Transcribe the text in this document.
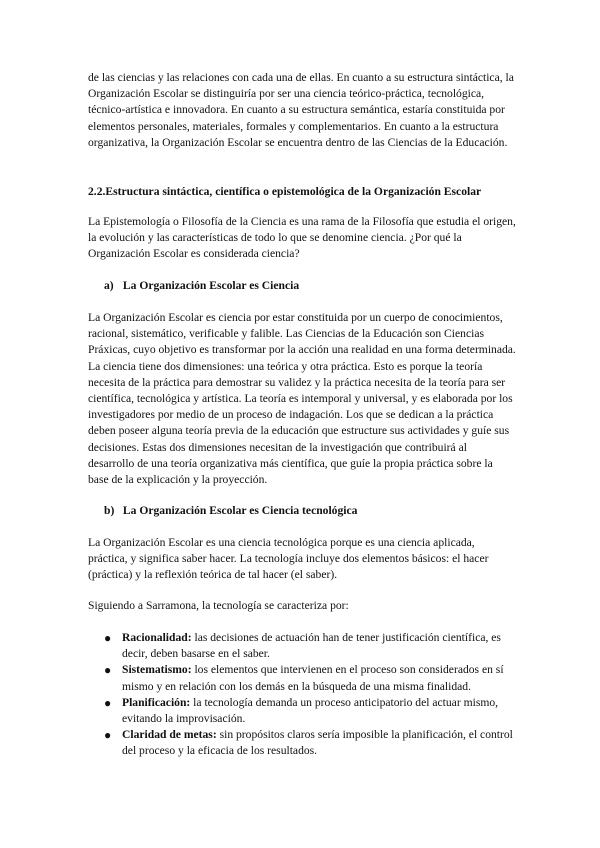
de las ciencias y las relaciones con cada una de ellas. En cuanto a su estructura sintáctica, la Organización Escolar se distinguiría por ser una ciencia teórico-práctica, tecnológica, técnico-artística e innovadora. En cuanto a su estructura semántica, estaría constituida por elementos personales, materiales, formales y complementarios. En cuanto a la estructura organizativa, la Organización Escolar se encuentra dentro de las Ciencias de la Educación.

2.2.Estructura sintáctica, científica o epistemológica de la Organización Escolar

La Epistemología o Filosofía de la Ciencia es una rama de la Filosofía que estudia el origen, la evolución y las características de todo lo que se denomine ciencia. ¿Por qué la Organización Escolar es considerada ciencia?

a) La Organización Escolar es Ciencia

La Organización Escolar es ciencia por estar constituida por un cuerpo de conocimientos, racional, sistemático, verificable y falible. Las Ciencias de la Educación son Ciencias Práxicas, cuyo objetivo es transformar por la acción una realidad en una forma determinada. La ciencia tiene dos dimensiones: una teórica y otra práctica. Esto es porque la teoría necesita de la práctica para demostrar su validez y la práctica necesita de la teoría para ser científica, tecnológica y artística. La teoría es intemporal y universal, y es elaborada por los investigadores por medio de un proceso de indagación. Los que se dedican a la práctica deben poseer alguna teoría previa de la educación que estructure sus actividades y guíe sus decisiones. Estas dos dimensiones necesitan de la investigación que contribuirá al desarrollo de una teoría organizativa más científica, que guíe la propia práctica sobre la base de la explicación y la proyección.

b) La Organización Escolar es Ciencia tecnológica

La Organización Escolar es una ciencia tecnológica porque es una ciencia aplicada, práctica, y significa saber hacer. La tecnología incluye dos elementos básicos: el hacer (práctica) y la reflexión teórica de tal hacer (el saber).

Siguiendo a Sarramona, la tecnología se caracteriza por:

● Racionalidad: las decisiones de actuación han de tener justificación científica, es decir, deben basarse en el saber.
● Sistematismo: los elementos que intervienen en el proceso son considerados en sí mismo y en relación con los demás en la búsqueda de una misma finalidad.
● Planificación: la tecnología demanda un proceso anticipatorio del actuar mismo, evitando la improvisación.
● Claridad de metas: sin propósitos claros sería imposible la planificación, el control del proceso y la eficacia de los resultados.
